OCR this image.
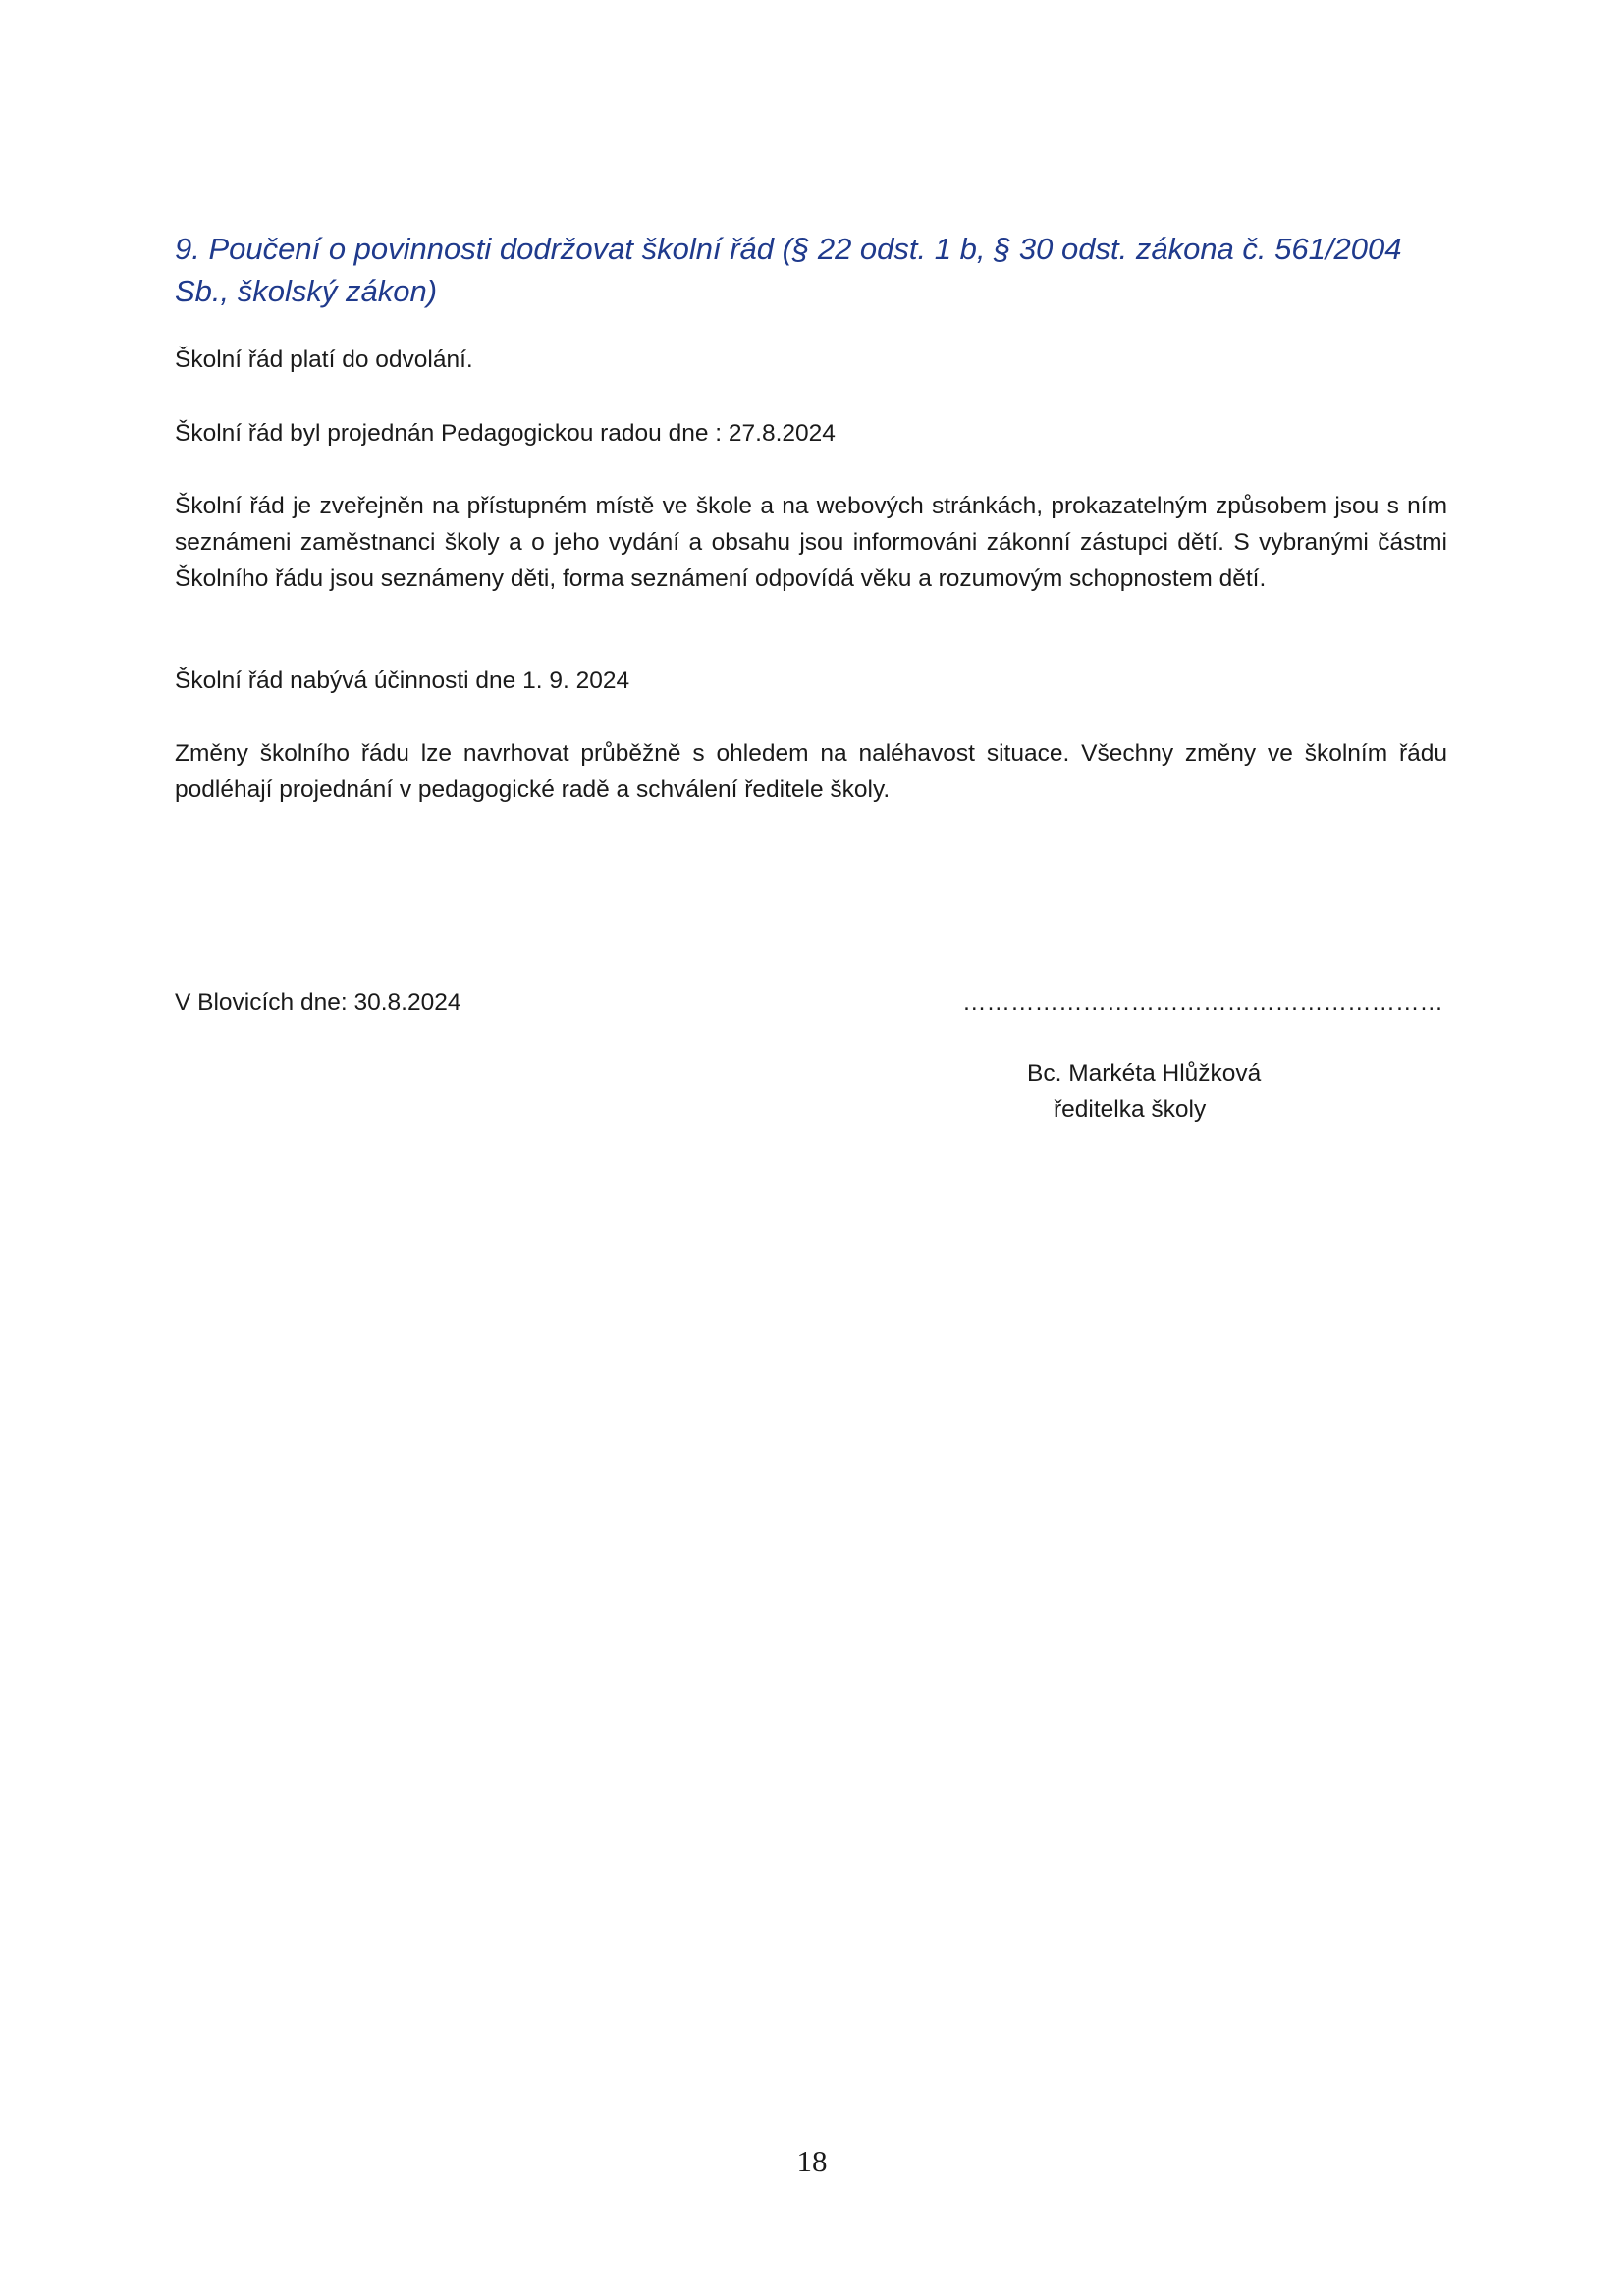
9. Poučení o povinnosti dodržovat školní řád (§ 22 odst. 1 b, § 30 odst. zákona č. 561/2004 Sb., školský zákon)

Školní řád platí do odvolání.

Školní řád byl projednán Pedagogickou radou dne : 27.8.2024

Školní řád je zveřejněn na přístupném místě ve škole a na webových stránkách, prokazatelným způsobem jsou s ním seznámeni zaměstnanci školy a o jeho vydání a obsahu jsou informováni zákonní zástupci dětí. S vybranými částmi Školního řádu jsou seznámeny děti, forma seznámení odpovídá věku a rozumovým schopnostem dětí.

Školní řád nabývá účinnosti dne 1. 9. 2024

Změny školního řádu lze navrhovat průběžně s ohledem na naléhavost situace. Všechny změny ve školním řádu podléhají projednání v pedagogické radě a schválení ředitele školy.

V Blovicích dne: 30.8.2024	……………………………………………………

Bc. Markéta Hlůžková

ředitelka školy

18
